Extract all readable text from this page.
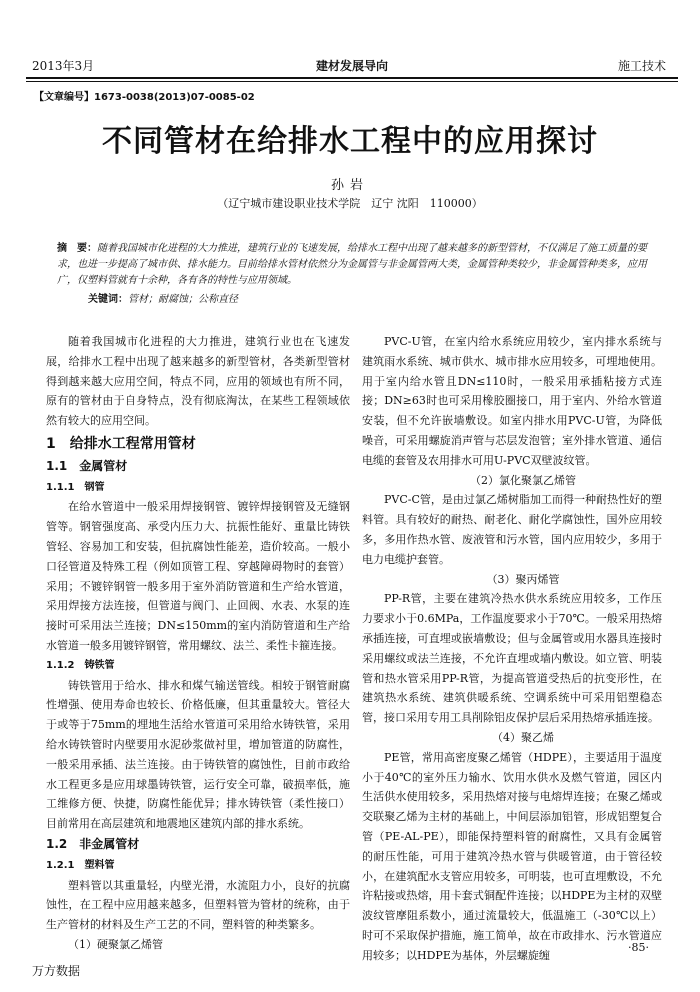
2013年3月	建材发展导向	施工技术
【文章编号】1673-0038(2013)07-0085-02
不同管材在给排水工程中的应用探讨
孙岩
（辽宁城市建设职业技术学院　辽宁 沈阳　110000）
摘　要：随着我国城市化进程的大力推进，建筑行业的飞速发展，给排水工程中出现了越来越多的新型管材，不仅满足了施工质量的要求，也进一步提高了城市供、排水能力。目前给排水管材依然分为金属管与非金属管两大类，金属管种类较少，非金属管种类多，应用广，仅塑料管就有十余种，各有各的特性与应用领域。
关键词：管材；耐腐蚀；公称直径

随着我国城市化进程的大力推进，建筑行业也在飞速发展，给排水工程中出现了越来越多的新型管材，各类新型管材得到越来越大应用空间，特点不同，应用的领域也有所不同，原有的管材由于自身特点，没有彻底淘汰，在某些工程领域依然有较大的应用空间。

1　给排水工程常用管材
1.1　金属管材
1.1.1　钢管

在给水管道中一般采用焊接钢管、镀锌焊接钢管及无缝钢管等。钢管强度高、承受内压力大、抗振性能好、重量比铸铁管轻、容易加工和安装，但抗腐蚀性能差，造价较高。一般小口径管道及特殊工程（例如顶管工程、穿越障碍物时的套管）采用；不镀锌钢管一般多用于室外消防管道和生产给水管道，采用焊接方法连接，但管道与阀门、止回阀、水表、水泵的连接时可采用法兰连接；DN≤150mm的室内消防管道和生产给水管道一般多用镀锌钢管，常用螺纹、法兰、柔性卡箍连接。

1.1.2　铸铁管

铸铁管用于给水、排水和煤气输送管线。相较于钢管耐腐性增强、使用寿命也较长、价格低廉，但其重量较大。管径大于或等于75mm的埋地生活给水管道可采用给水铸铁管，采用给水铸铁管时内壁要用水泥砂浆做衬里，增加管道的防腐性，一般采用承插、法兰连接。由于铸铁管的腐蚀性，目前市政给水工程更多是应用球墨铸铁管，运行安全可靠，破损率低，施工维修方便、快捷，防腐性能优异；排水铸铁管（柔性接口）目前常用在高层建筑和地震地区建筑内部的排水系统。

1.2　非金属管材
1.2.1　塑料管

塑料管以其重量轻，内壁光滑，水流阻力小，良好的抗腐蚀性，在工程中应用越来越多，但塑料管为管材的统称，由于生产管材的材料及生产工艺的不同，塑料管的种类繁多。

（1）硬聚氯乙烯管

PVC-U管，在室内给水系统应用较少，室内排水系统与建筑雨水系统、城市供水、城市排水应用较多，可埋地使用。用于室内给水管且DN≤110时，一般采用承插粘接方式连接；DN≥63时也可采用橡胶圈接口，用于室内、外给水管道安装，但不允许嵌墙敷设。如室内排水用PVC-U管，为降低噪音，可采用螺旋消声管与芯层发泡管；室外排水管道、通信电缆的套管及农用排水可用U-PVC双壁波纹管。

（2）氯化聚氯乙烯管

PVC-C管，是由过氯乙烯树脂加工而得一种耐热性好的塑料管。具有较好的耐热、耐老化、耐化学腐蚀性，国外应用较多，多用作热水管、废液管和污水管，国内应用较少，多用于电力电缆护套管。

（3）聚丙烯管

PP-R管，主要在建筑冷热水供水系统应用较多，工作压力要求小于0.6MPa，工作温度要求小于70℃。一般采用热熔承插连接，可直埋或嵌墙敷设；但与金属管或用水器具连接时采用螺纹或法兰连接，不允许直埋或墙内敷设。如立管、明装管和热水管采用PP-R管，为提高管道受热后的抗变形性，在建筑热水系统、建筑供暖系统、空调系统中可采用铝塑稳态管，接口采用专用工具削除铝皮保护层后采用热熔承插连接。

（4）聚乙烯

PE管，常用高密度聚乙烯管（HDPE），主要适用于温度小于40℃的室外压力输水、饮用水供水及燃气管道，园区内生活供水使用较多，采用热熔对接与电熔焊连接；在聚乙烯或交联聚乙烯为主材的基础上，中间层添加铝管，形成铝塑复合管（PE-AL-PE），即能保持塑料管的耐腐性，又具有金属管的耐压性能，可用于建筑冷热水管与供暖管道，由于管径较小，在建筑配水支管应用较多，可明装，也可直埋敷设，不允许粘接或热熔，用卡套式铜配件连接；以HDPE为主材的双壁波纹管摩阻系数小，通过流量较大，低温施工（-30℃以上）时可不采取保护措施，施工简单，故在市政排水、污水管道应用较多；以HDPE为基体，外层螺旋缠

·85·
万方数据
